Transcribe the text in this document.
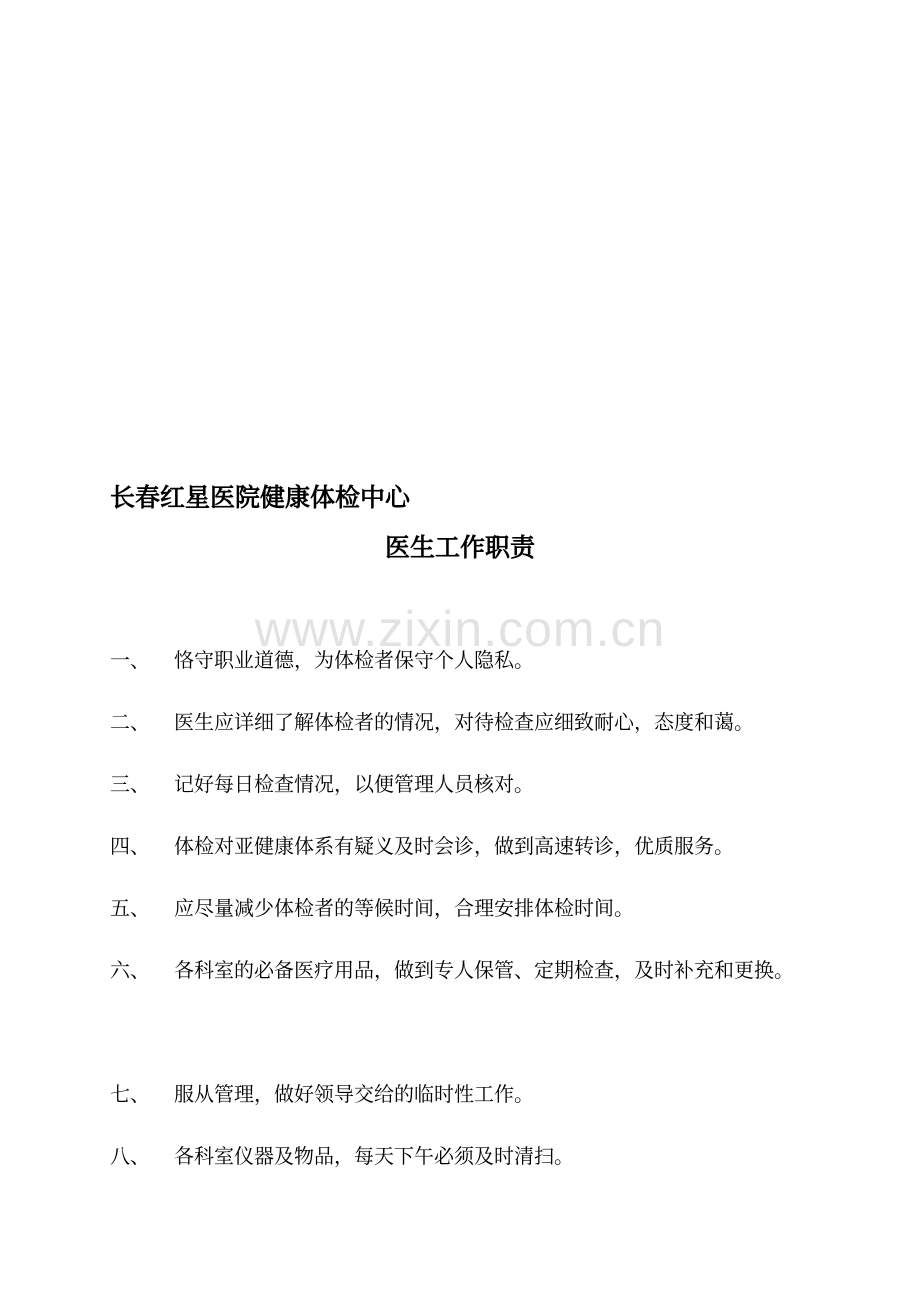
长春红星医院健康体检中心
医生工作职责
www.zixin.com.cn
一、 恪守职业道德，为体检者保守个人隐私。
二、 医生应详细了解体检者的情况，对待检查应细致耐心，态度和蔼。
三、 记好每日检查情况，以便管理人员核对。
四、 体检对亚健康体系有疑义及时会诊，做到高速转诊，优质服务。
五、 应尽量减少体检者的等候时间，合理安排体检时间。
六、 各科室的必备医疗用品，做到专人保管、定期检查，及时补充和更换。
七、 服从管理，做好领导交给的临时性工作。
八、 各科室仪器及物品，每天下午必须及时清扫。
